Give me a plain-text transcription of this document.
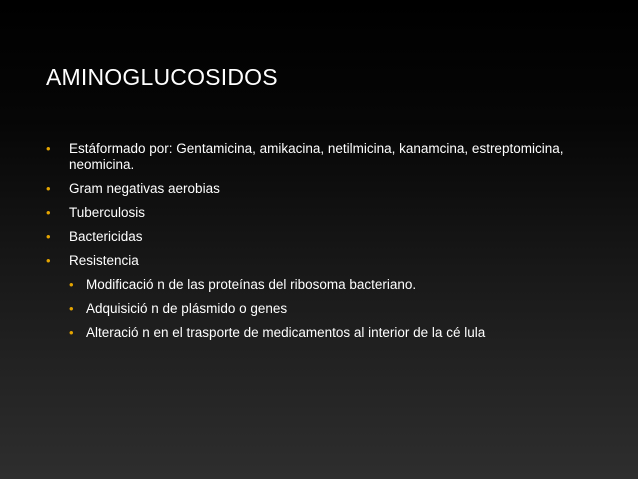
AMINOGLUCOSIDOS
• Estáformado por: Gentamicina, amikacina, netilmicina, kanamcina, estreptomicina, neomicina.
• Gram negativas aerobias
• Tuberculosis
• Bactericidas
• Resistencia
• Modificació n de las proteínas del ribosoma bacteriano.
• Adquisició n de plásmido o genes
• Alteració n en el trasporte de medicamentos al interior de la cé lula
